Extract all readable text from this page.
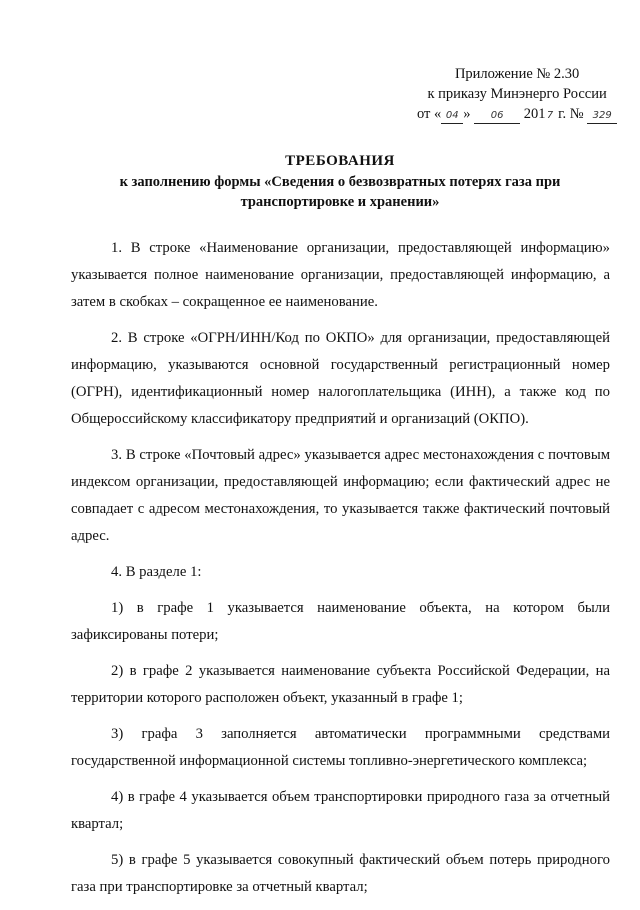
Приложение № 2.30
к приказу Минэнерго России
от « 04 » 06 2017 г. № 329
ТРЕБОВАНИЯ
к заполнению формы «Сведения о безвозвратных потерях газа при
транспортировке и хранении»

1. В строке «Наименование организации, предоставляющей информацию» указывается полное наименование организации, предоставляющей информацию, а затем в скобках – сокращенное ее наименование.

2. В строке «ОГРН/ИНН/Код по ОКПО» для организации, предоставляющей информацию, указываются основной государственный регистрационный номер (ОГРН), идентификационный номер налогоплательщика (ИНН), а также код по Общероссийскому классификатору предприятий и организаций (ОКПО).

3. В строке «Почтовый адрес» указывается адрес местонахождения с почтовым индексом организации, предоставляющей информацию; если фактический адрес не совпадает с адресом местонахождения, то указывается также фактический почтовый адрес.

4. В разделе 1:

1) в графе 1 указывается наименование объекта, на котором были зафиксированы потери;

2) в графе 2 указывается наименование субъекта Российской Федерации, на территории которого расположен объект, указанный в графе 1;

3) графа 3 заполняется автоматически программными средствами государственной информационной системы топливно-энергетического комплекса;

4) в графе 4 указывается объем транспортировки природного газа за отчетный квартал;

5) в графе 5 указывается совокупный фактический объем потерь природного газа при транспортировке за отчетный квартал;
